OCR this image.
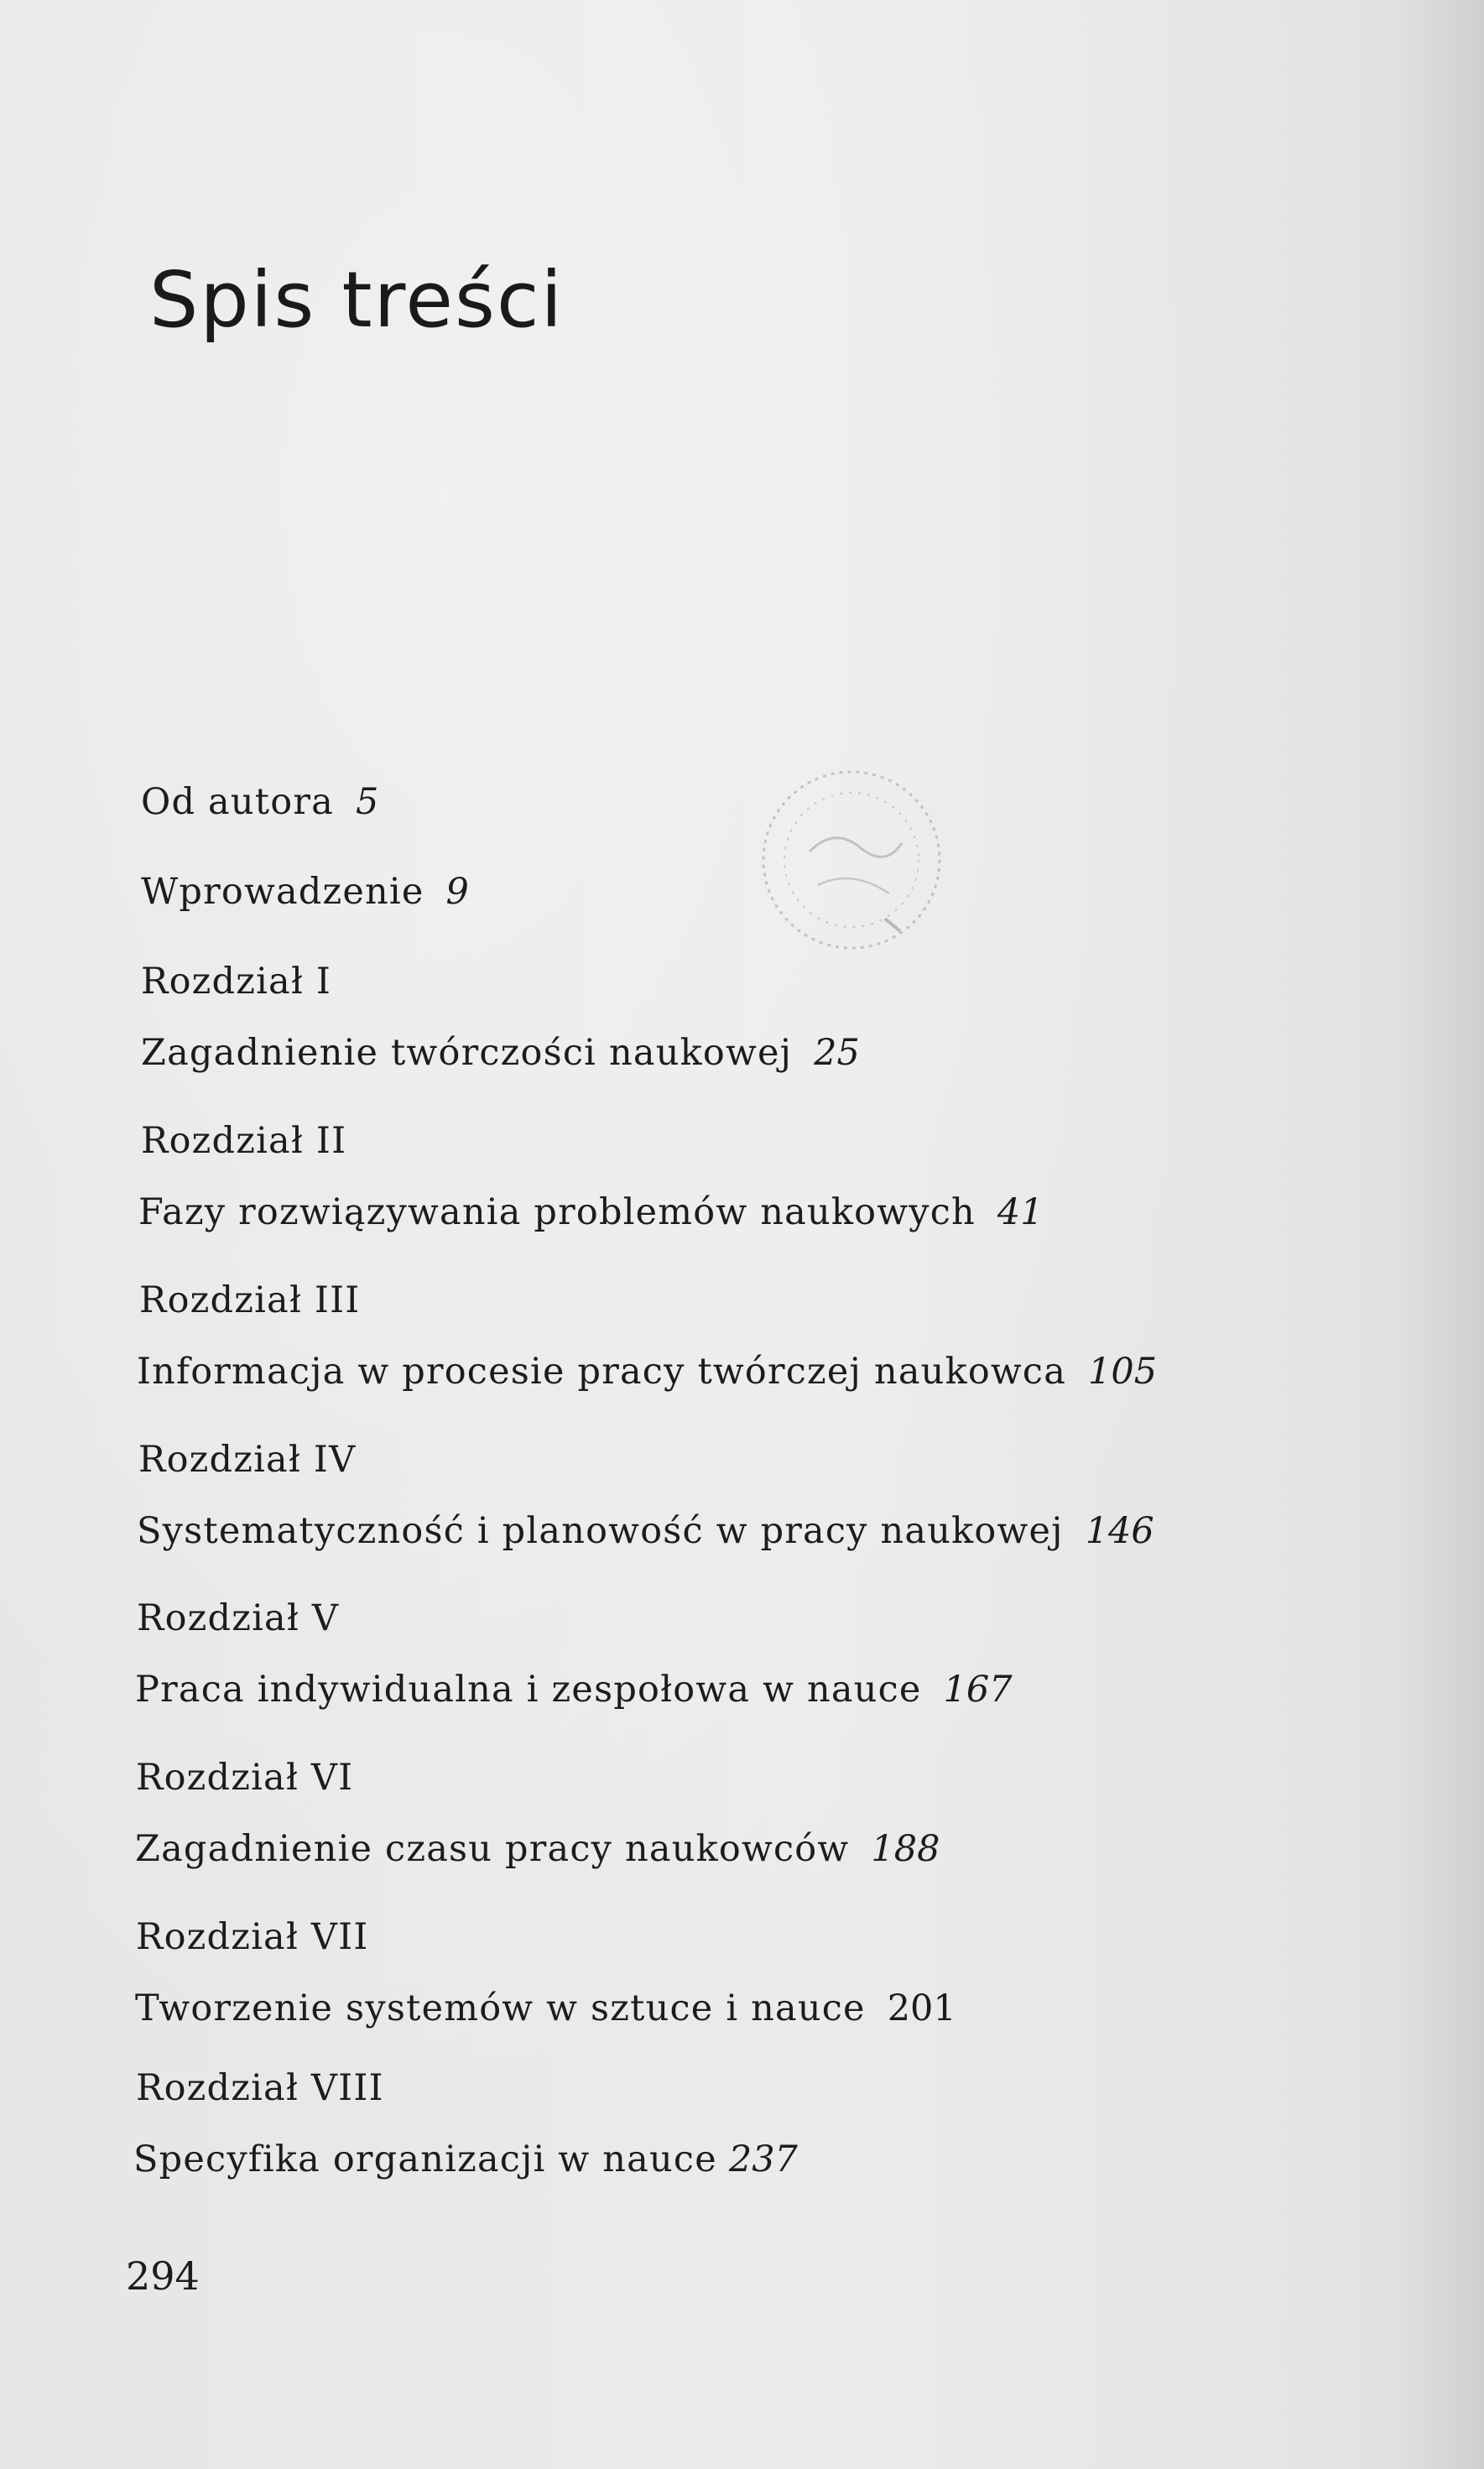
Spis treści
Od autora 5
Wprowadzenie 9
Rozdział I
Zagadnienie twórczości naukowej 25
Rozdział II
Fazy rozwiązywania problemów naukowych 41
Rozdział III
Informacja w procesie pracy twórczej naukowca 105
Rozdział IV
Systematyczność i planowość w pracy naukowej 146
Rozdział V
Praca indywidualna i zespołowa w nauce 167
Rozdział VI
Zagadnienie czasu pracy naukowców 188
Rozdział VII
Tworzenie systemów w sztuce i nauce 201
Rozdział VIII
Specyfika organizacji w nauce 237
294
